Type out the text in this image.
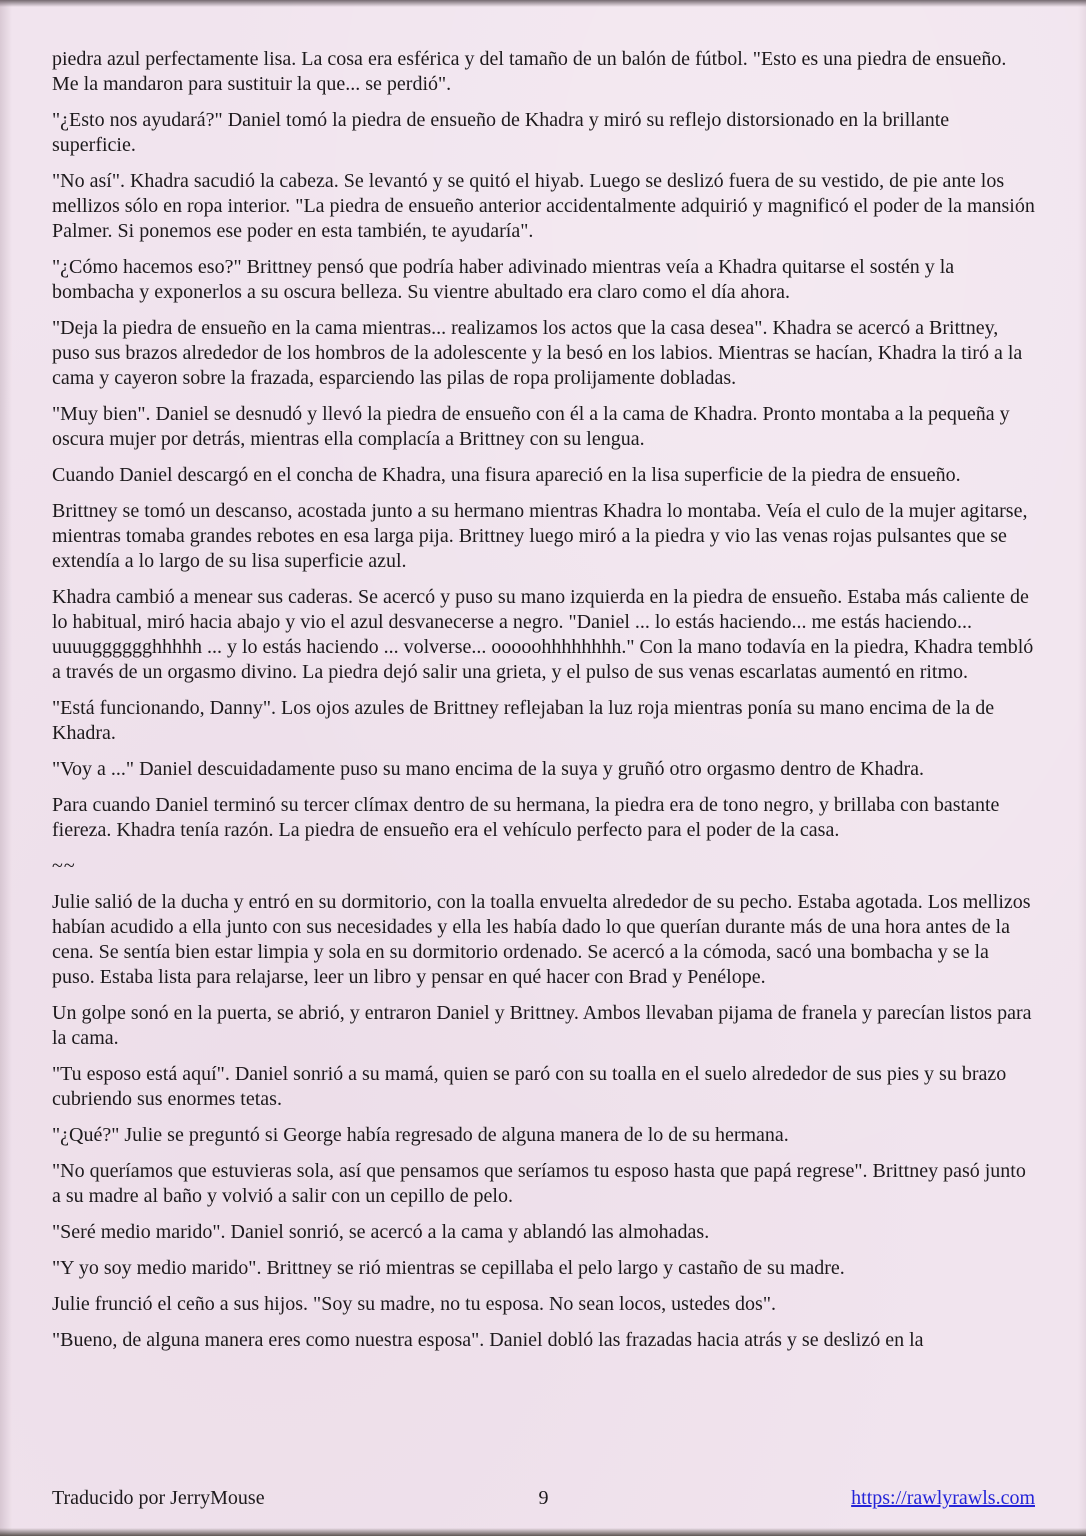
piedra azul perfectamente lisa. La cosa era esférica y del tamaño de un balón de fútbol. "Esto es una piedra de ensueño. Me la mandaron para sustituir la que... se perdió".

"¿Esto nos ayudará?" Daniel tomó la piedra de ensueño de Khadra y miró su reflejo distorsionado en la brillante superficie.

"No así". Khadra sacudió la cabeza. Se levantó y se quitó el hiyab. Luego se deslizó fuera de su vestido, de pie ante los mellizos sólo en ropa interior. "La piedra de ensueño anterior accidentalmente adquirió y magnificó el poder de la mansión Palmer. Si ponemos ese poder en esta también, te ayudaría".

"¿Cómo hacemos eso?" Brittney pensó que podría haber adivinado mientras veía a Khadra quitarse el sostén y la bombacha y exponerlos a su oscura belleza. Su vientre abultado era claro como el día ahora.

"Deja la piedra de ensueño en la cama mientras... realizamos los actos que la casa desea". Khadra se acercó a Brittney, puso sus brazos alrededor de los hombros de la adolescente y la besó en los labios. Mientras se hacían, Khadra la tiró a la cama y cayeron sobre la frazada, esparciendo las pilas de ropa prolijamente dobladas.

"Muy bien". Daniel se desnudó y llevó la piedra de ensueño con él a la cama de Khadra. Pronto montaba a la pequeña y oscura mujer por detrás, mientras ella complacía a Brittney con su lengua.

Cuando Daniel descargó en el concha de Khadra, una fisura apareció en la lisa superficie de la piedra de ensueño.

Brittney se tomó un descanso, acostada junto a su hermano mientras Khadra lo montaba. Veía el culo de la mujer agitarse, mientras tomaba grandes rebotes en esa larga pija. Brittney luego miró a la piedra y vio las venas rojas pulsantes que se extendía a lo largo de su lisa superficie azul.

Khadra cambió a menear sus caderas. Se acercó y puso su mano izquierda en la piedra de ensueño. Estaba más caliente de lo habitual, miró hacia abajo y vio el azul desvanecerse a negro. "Daniel ... lo estás haciendo... me estás haciendo... uuuugggggghhhhh ... y lo estás haciendo ... volverse... ooooohhhhhhhh." Con la mano todavía en la piedra, Khadra tembló a través de un orgasmo divino. La piedra dejó salir una grieta, y el pulso de sus venas escarlatas aumentó en ritmo.

"Está funcionando, Danny". Los ojos azules de Brittney reflejaban la luz roja mientras ponía su mano encima de la de Khadra.

"Voy a ..." Daniel descuidadamente puso su mano encima de la suya y gruñó otro orgasmo dentro de Khadra.

Para cuando Daniel terminó su tercer clímax dentro de su hermana, la piedra era de tono negro, y brillaba con bastante fiereza. Khadra tenía razón. La piedra de ensueño era el vehículo perfecto para el poder de la casa.

~~

Julie salió de la ducha y entró en su dormitorio, con la toalla envuelta alrededor de su pecho. Estaba agotada. Los mellizos habían acudido a ella junto con sus necesidades y ella les había dado lo que querían durante más de una hora antes de la cena. Se sentía bien estar limpia y sola en su dormitorio ordenado. Se acercó a la cómoda, sacó una bombacha y se la puso. Estaba lista para relajarse, leer un libro y pensar en qué hacer con Brad y Penélope.

Un golpe sonó en la puerta, se abrió, y entraron Daniel y Brittney. Ambos llevaban pijama de franela y parecían listos para la cama.

"Tu esposo está aquí". Daniel sonrió a su mamá, quien se paró con su toalla en el suelo alrededor de sus pies y su brazo cubriendo sus enormes tetas.

"¿Qué?" Julie se preguntó si George había regresado de alguna manera de lo de su hermana.

"No queríamos que estuvieras sola, así que pensamos que seríamos tu esposo hasta que papá regrese". Brittney pasó junto a su madre al baño y volvió a salir con un cepillo de pelo.

"Seré medio marido". Daniel sonrió, se acercó a la cama y ablandó las almohadas.

"Y yo soy medio marido". Brittney se rió mientras se cepillaba el pelo largo y castaño de su madre.

Julie frunció el ceño a sus hijos. "Soy su madre, no tu esposa. No sean locos, ustedes dos".

"Bueno, de alguna manera eres como nuestra esposa". Daniel dobló las frazadas hacia atrás y se deslizó en la

Traducido por JerryMouse	9	https://rawlyrawls.com
